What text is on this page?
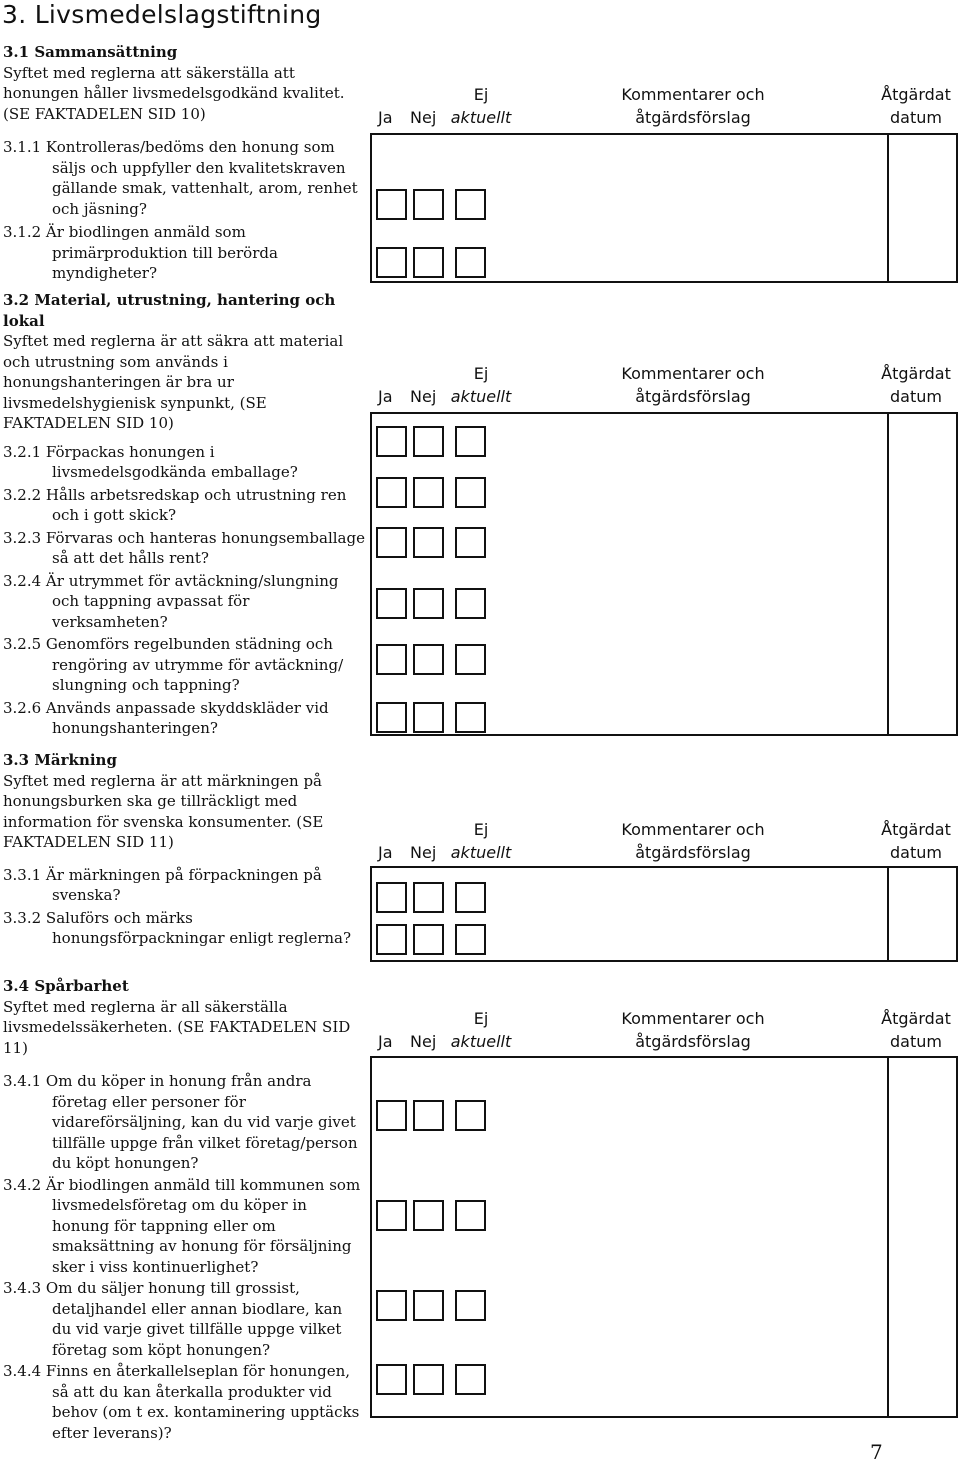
3. Livsmedelslagstiftning
3.1 Sammansättning
Syftet med reglerna att säkerställa att honungen håller livsmedelsgodkänd kvalitet. (SE FAKTADELEN SID 10)
3.1.1 Kontrolleras/bedöms den honung som säljs och uppfyller den kvalitetskraven gällande smak, vattenhalt, arom, renhet och jäsning?
3.1.2 Är biodlingen anmäld som primärproduktion till berörda myndigheter?
Ja Nej
Ej
aktuellt
Kommentarer och
åtgärdsförslag
Åtgärdat
datum
3.2 Material, utrustning, hantering och lokal
Syftet med reglerna är att säkra att material och utrustning som används i honungshanteringen är bra ur livsmedelshygienisk synpunkt, (SE FAKTADELEN SID 10)
3.2.1 Förpackas honungen i livsmedelsgodkända emballage?
3.2.2 Hålls arbetsredskap och utrustning ren och i gott skick?
3.2.3 Förvaras och hanteras honungsemballage så att det hålls rent?
3.2.4 Är utrymmet för avtäckning/slungning och tappning avpassat för verksamheten?
3.2.5 Genomförs regelbunden städning och rengöring av utrymme för avtäckning/ slungning och tappning?
3.2.6 Används anpassade skyddskläder vid honungshanteringen?
Ja Nej
Ej
aktuellt
Kommentarer och
åtgärdsförslag
Åtgärdat
datum
3.3 Märkning
Syftet med reglerna är att märkningen på honungsburken ska ge tillräckligt med information för svenska konsumenter. (SE FAKTADELEN SID 11)
3.3.1 Är märkningen på förpackningen på svenska?
3.3.2 Saluförs och märks honungsförpackningar enligt reglerna?
Ja Nej
Ej
aktuellt
Kommentarer och
åtgärdsförslag
Åtgärdat
datum
3.4 Spårbarhet
Syftet med reglerna är all säkerställa livsmedelssäkerheten. (SE FAKTADELEN SID 11)
3.4.1 Om du köper in honung från andra företag eller personer för vidareförsäljning, kan du vid varje givet tillfälle uppge från vilket företag/person du köpt honungen?
3.4.2 Är biodlingen anmäld till kommunen som livsmedelsföretag om du köper in honung för tappning eller om smaksättning av honung för försäljning sker i viss kontinuerlighet?
3.4.3 Om du säljer honung till grossist, detaljhandel eller annan biodlare, kan du vid varje givet tillfälle uppge vilket företag som köpt honungen?
3.4.4 Finns en återkallelseplan för honungen, så att du kan återkalla produkter vid behov (om t ex. kontaminering upptäcks efter leverans)?
Ja Nej
Ej
aktuellt
Kommentarer och
åtgärdsförslag
Åtgärdat
datum
7
